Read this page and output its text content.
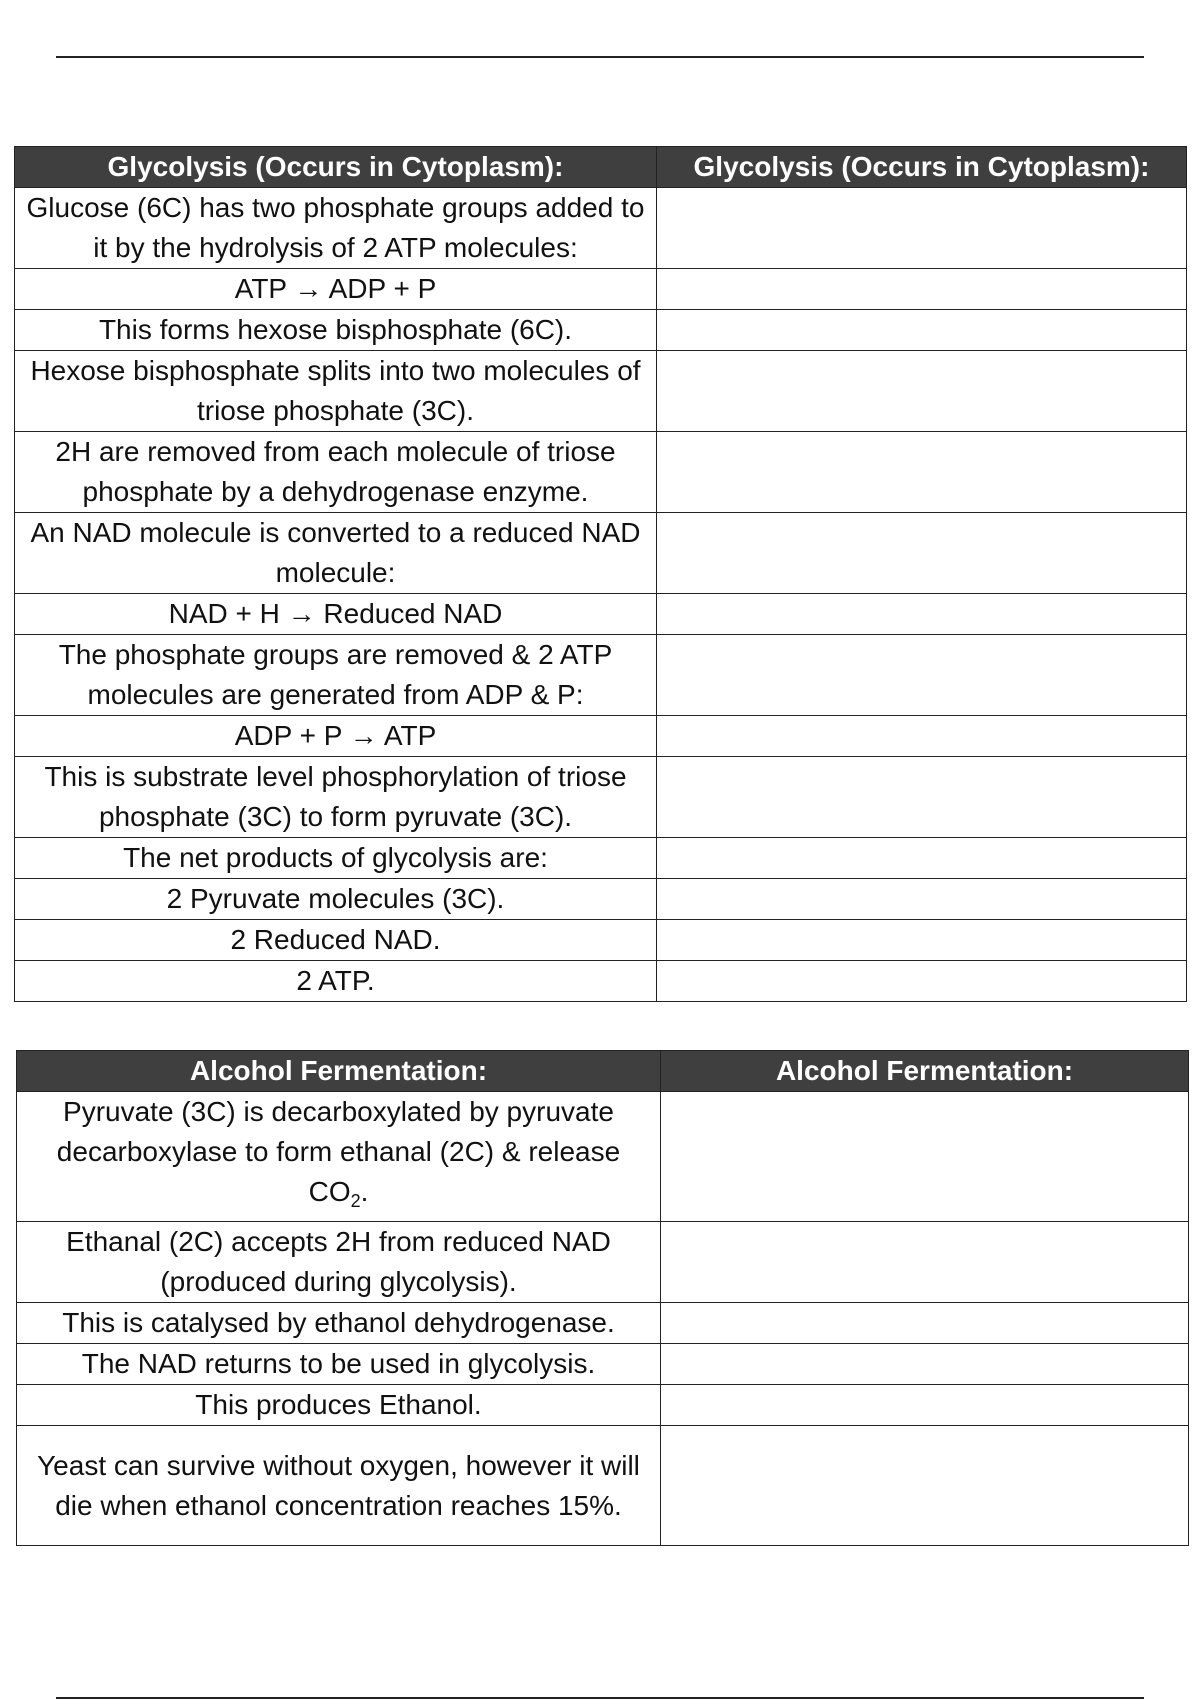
Glycolysis (Occurs in Cytoplasm):	Glycolysis (Occurs in Cytoplasm):
Glucose (6C) has two phosphate groups added to it by the hydrolysis of 2 ATP molecules:	
ATP → ADP + P	
This forms hexose bisphosphate (6C).	
Hexose bisphosphate splits into two molecules of triose phosphate (3C).	
2H are removed from each molecule of triose phosphate by a dehydrogenase enzyme.	
An NAD molecule is converted to a reduced NAD molecule:	
NAD + H → Reduced NAD	
The phosphate groups are removed & 2 ATP molecules are generated from ADP & P:	
ADP + P → ATP	
This is substrate level phosphorylation of triose phosphate (3C) to form pyruvate (3C).	
The net products of glycolysis are:	
2 Pyruvate molecules (3C).	
2 Reduced NAD.	
2 ATP.	
Alcohol Fermentation:	Alcohol Fermentation:
Pyruvate (3C) is decarboxylated by pyruvate decarboxylase to form ethanal (2C) & release $CO_2$.	
Ethanal (2C) accepts 2H from reduced NAD (produced during glycolysis).	
This is catalysed by ethanol dehydrogenase.	
The NAD returns to be used in glycolysis.	
This produces Ethanol.	
Yeast can survive without oxygen, however it will die when ethanol concentration reaches 15%.	
